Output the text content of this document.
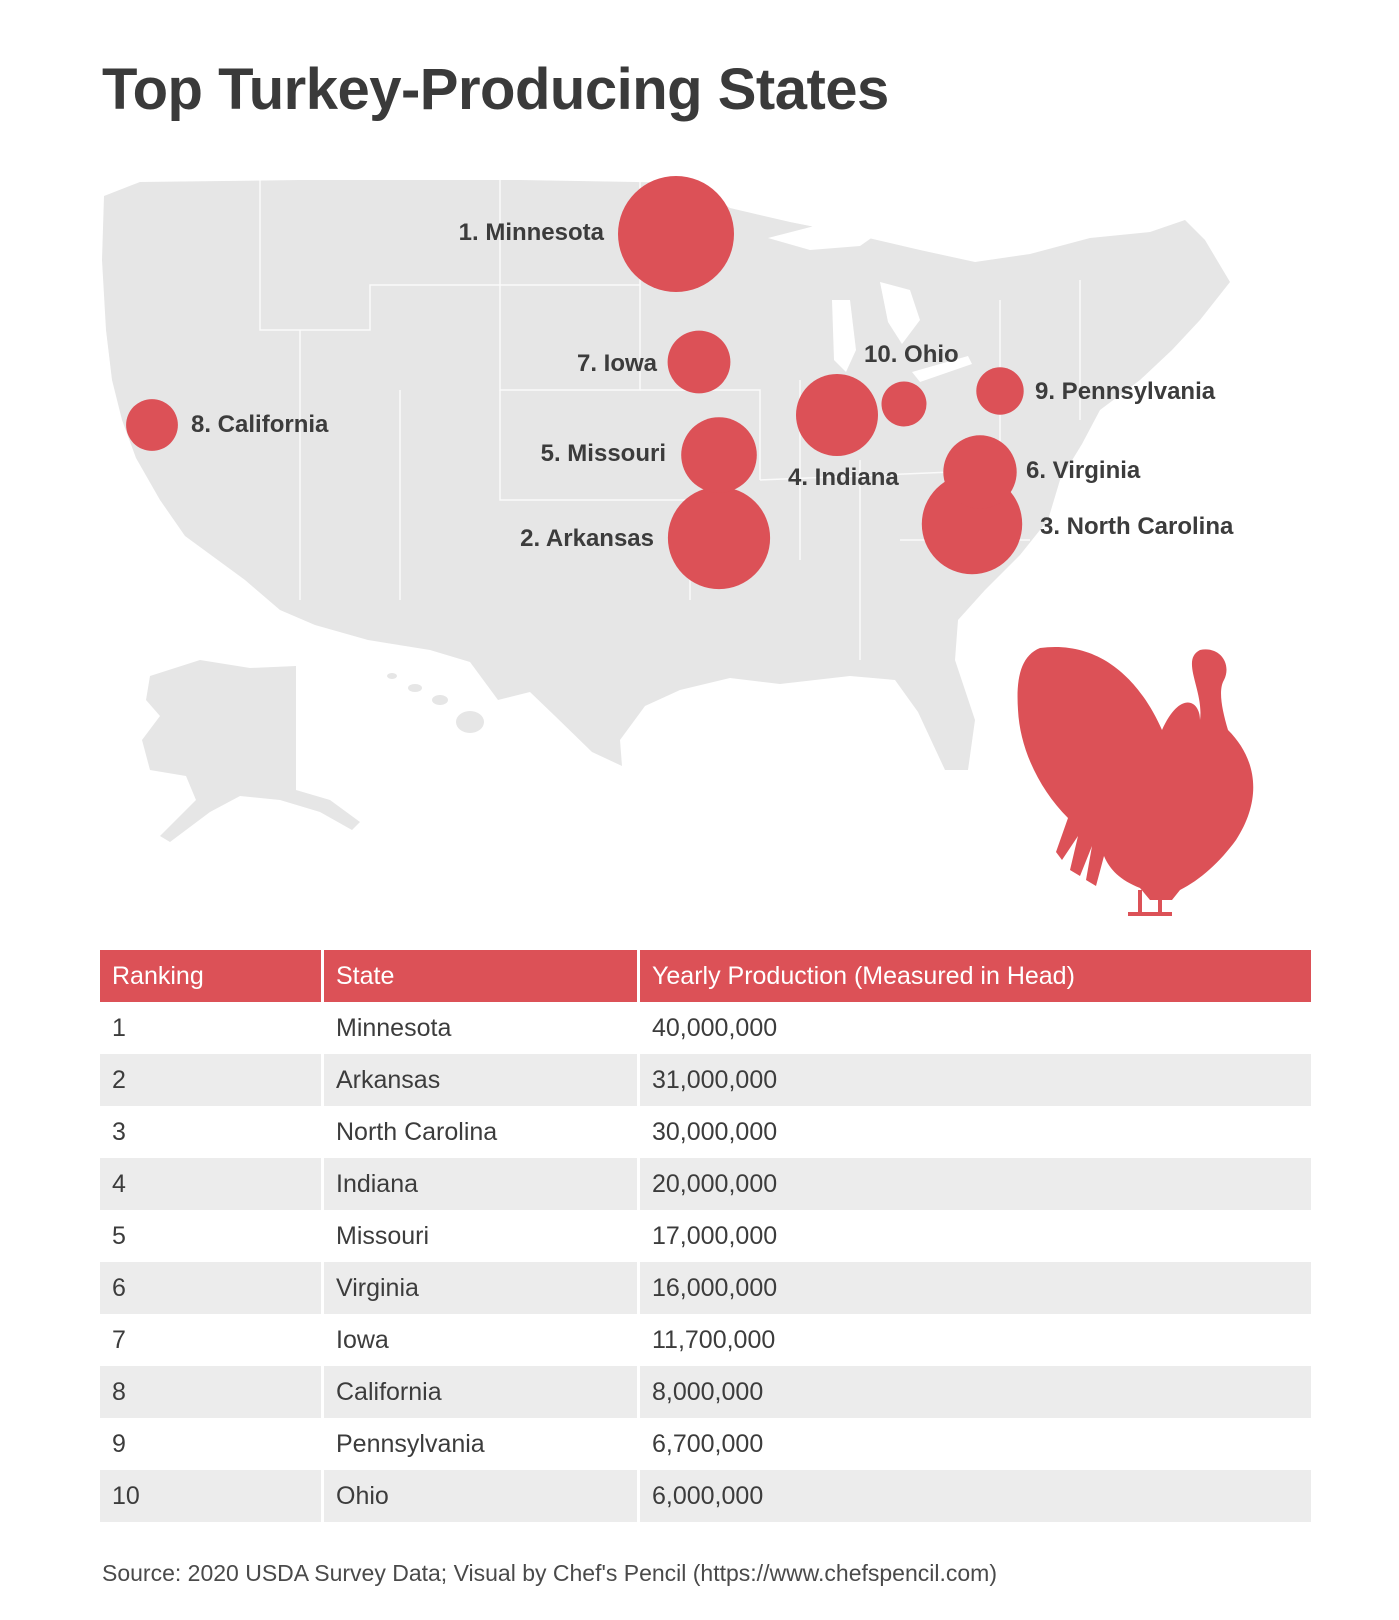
Top Turkey-Producing States
1. Minnesota
2. Arkansas	3. North Carolina
4. Indiana
5. Missouri
6. Virginia
7. Iowa
8. California
9. Pennsylvania
10. Ohio
Ranking	State	Yearly Production (Measured in Head)
1	Minnesota	40,000,000
2	Arkansas	31,000,000
3	North Carolina	30,000,000
4	Indiana	20,000,000
5	Missouri	17,000,000
6	Virginia	16,000,000
7	Iowa	11,700,000
8	California	8,000,000
9	Pennsylvania	6,700,000
10	Ohio	6,000,000
Source: 2020 USDA Survey Data; Visual by Chef's Pencil (https://www.chefspencil.com)
